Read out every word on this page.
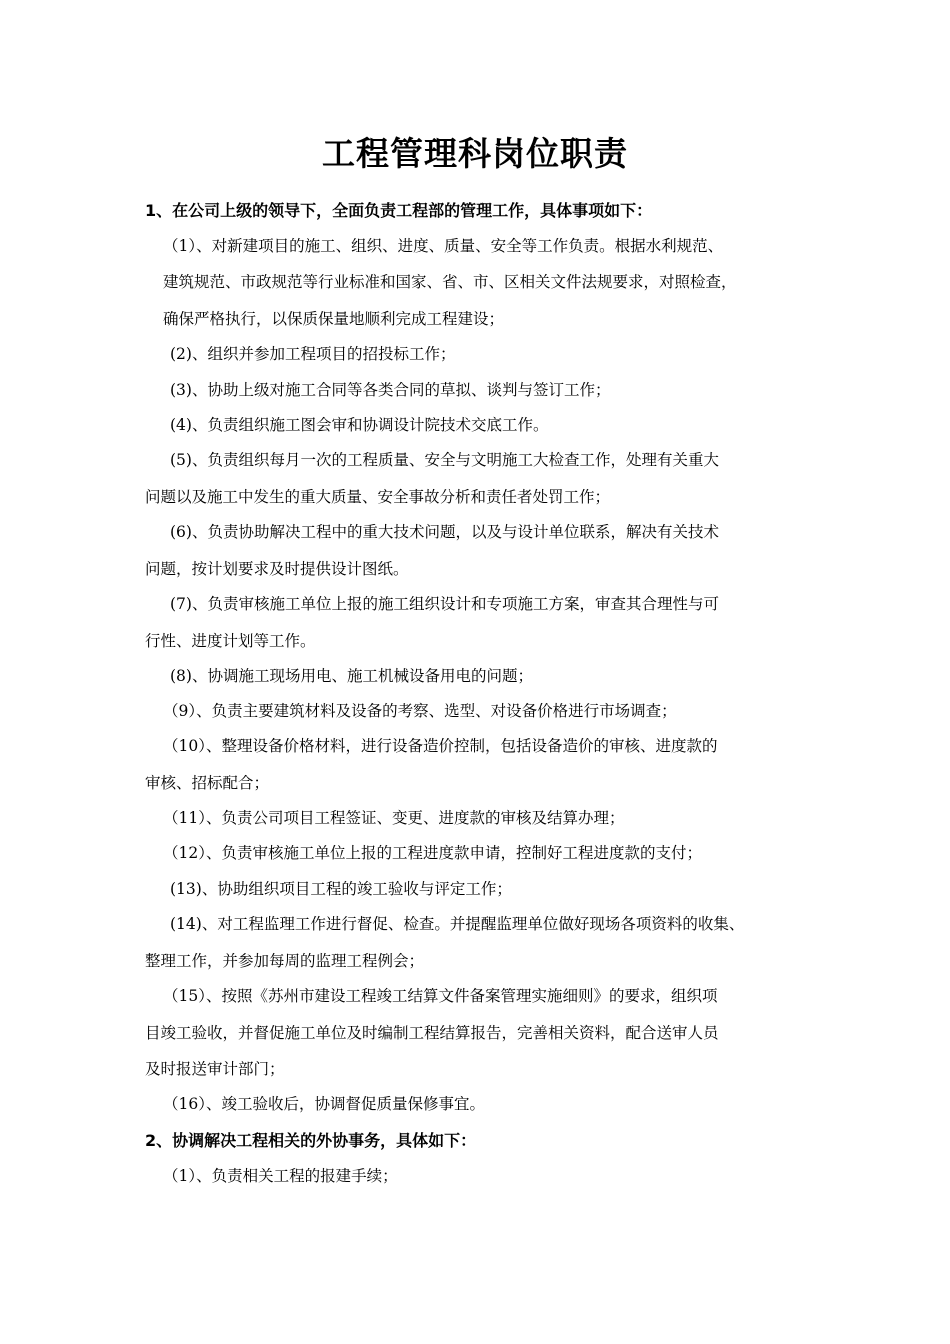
工程管理科岗位职责
1、在公司上级的领导下，全面负责工程部的管理工作，具体事项如下：
（1）、对新建项目的施工、组织、进度、质量、安全等工作负责。根据水利规范、
建筑规范、市政规范等行业标准和国家、省、市、区相关文件法规要求，对照检查，
确保严格执行，以保质保量地顺利完成工程建设；
(2)、组织并参加工程项目的招投标工作；
(3)、协助上级对施工合同等各类合同的草拟、谈判与签订工作；
(4)、负责组织施工图会审和协调设计院技术交底工作。
(5)、负责组织每月一次的工程质量、安全与文明施工大检查工作，处理有关重大
问题以及施工中发生的重大质量、安全事故分析和责任者处罚工作；
(6)、负责协助解决工程中的重大技术问题，以及与设计单位联系，解决有关技术
问题，按计划要求及时提供设计图纸。
(7)、负责审核施工单位上报的施工组织设计和专项施工方案，审查其合理性与可
行性、进度计划等工作。
(8)、协调施工现场用电、施工机械设备用电的问题；
（9）、负责主要建筑材料及设备的考察、选型、对设备价格进行市场调查；
（10）、整理设备价格材料，进行设备造价控制，包括设备造价的审核、进度款的
审核、招标配合；
（11）、负责公司项目工程签证、变更、进度款的审核及结算办理；
（12）、负责审核施工单位上报的工程进度款申请，控制好工程进度款的支付；
(13)、协助组织项目工程的竣工验收与评定工作；
(14)、对工程监理工作进行督促、检查。并提醒监理单位做好现场各项资料的收集、
整理工作，并参加每周的监理工程例会；
（15）、按照《苏州市建设工程竣工结算文件备案管理实施细则》的要求，组织项
目竣工验收，并督促施工单位及时编制工程结算报告，完善相关资料，配合送审人员
及时报送审计部门；
（16）、竣工验收后，协调督促质量保修事宜。
2、协调解决工程相关的外协事务，具体如下：
（1）、负责相关工程的报建手续；
